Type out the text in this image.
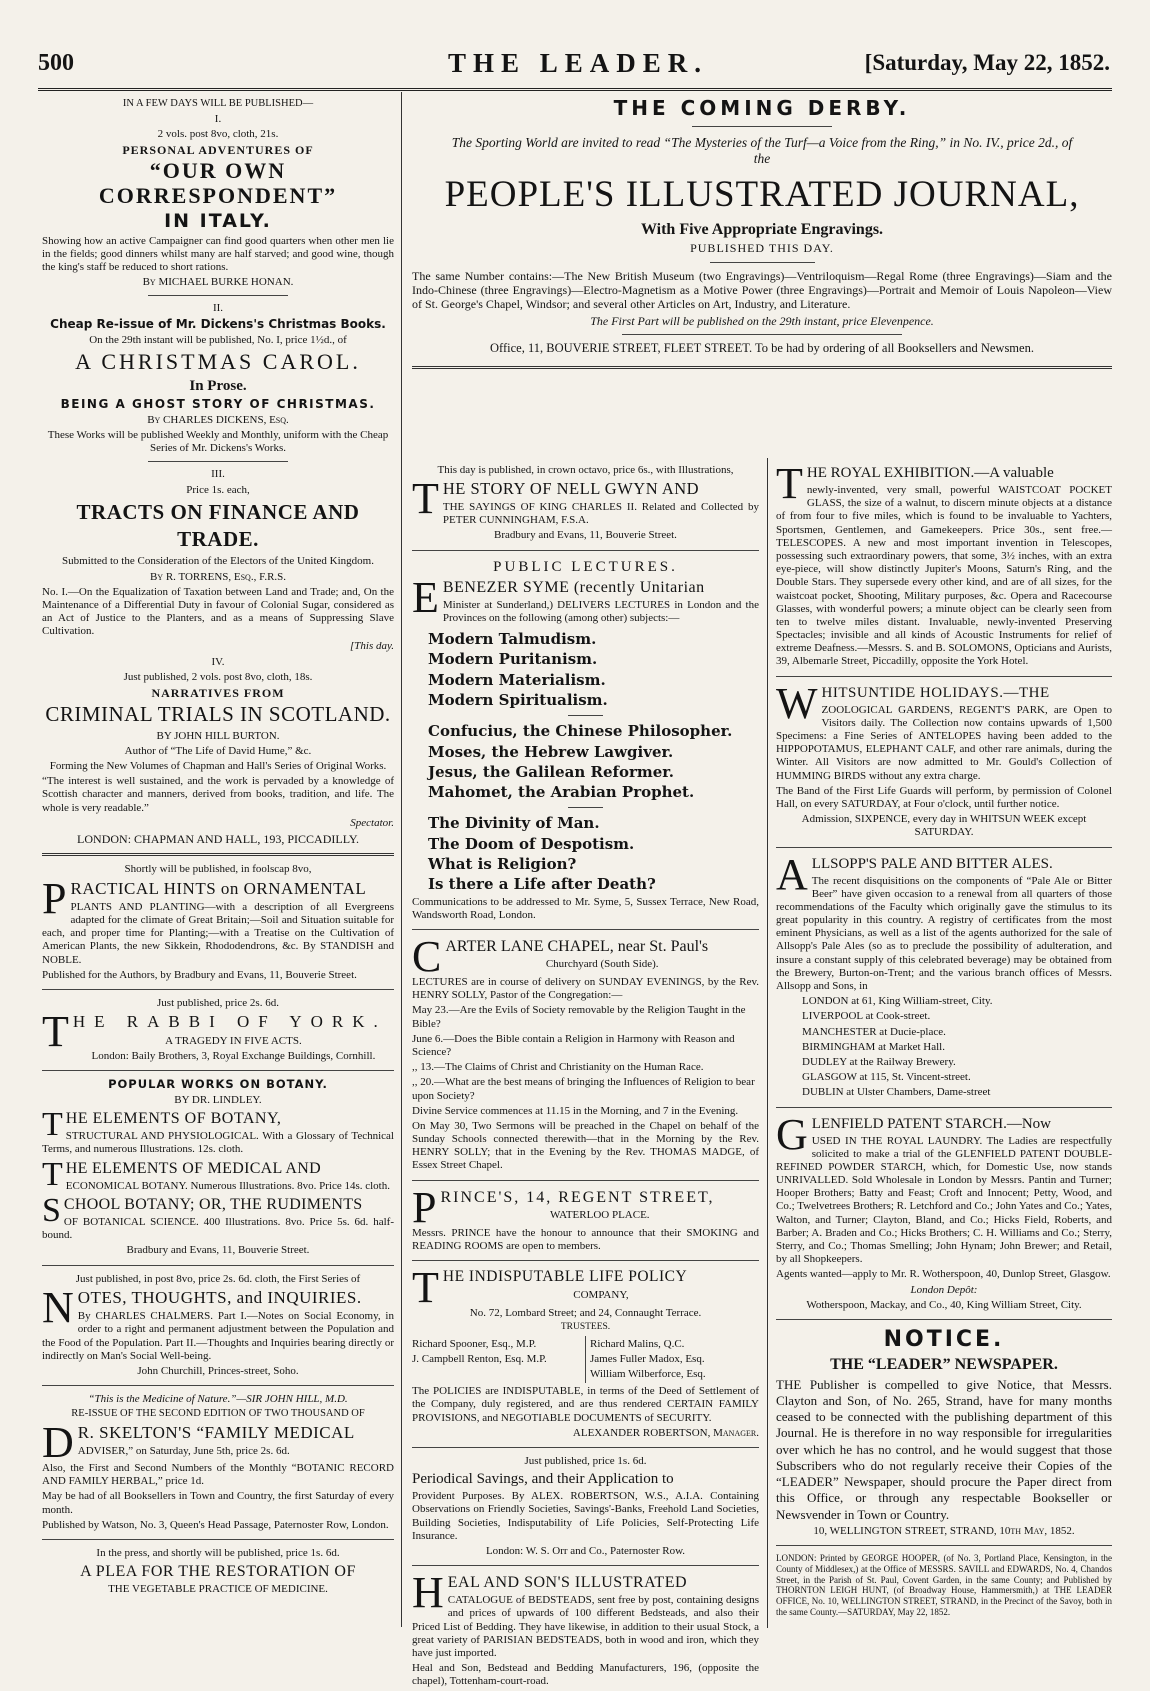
500	THE LEADER.	[Saturday, May 22, 1852.

IN A FEW DAYS WILL BE PUBLISHED—

I.

2 vols. post 8vo, cloth, 21s.

PERSONAL ADVENTURES OF

“OUR OWN CORRESPONDENT”

IN ITALY.

Showing how an active Campaigner can find good quarters when other men lie in the fields; good dinners whilst many are half starved; and good wine, though the king's staff be reduced to short rations.

By MICHAEL BURKE HONAN.

II.

Cheap Re-issue of Mr. Dickens's Christmas Books.

On the 29th instant will be published, No. I, price 1½d., of

A CHRISTMAS CAROL.

In Prose.

BEING A GHOST STORY OF CHRISTMAS.

By CHARLES DICKENS, Esq.

These Works will be published Weekly and Monthly, uniform with the Cheap Series of Mr. Dickens's Works.

III.

Price 1s. each,

TRACTS ON FINANCE AND TRADE.

Submitted to the Consideration of the Electors of the United Kingdom.

By R. TORRENS, Esq., F.R.S.

No. I.—On the Equalization of Taxation between Land and Trade; and, On the Maintenance of a Differential Duty in favour of Colonial Sugar, considered as an Act of Justice to the Planters, and as a means of Suppressing Slave Cultivation.

[This day.

IV.

Just published, 2 vols. post 8vo, cloth, 18s.

NARRATIVES FROM

CRIMINAL TRIALS IN SCOTLAND.

BY JOHN HILL BURTON.

Author of “The Life of David Hume,” &c.

Forming the New Volumes of Chapman and Hall's Series of Original Works.

“The interest is well sustained, and the work is pervaded by a knowledge of Scottish character and manners, derived from books, tradition, and life. The whole is very readable.”

Spectator.

LONDON: CHAPMAN AND HALL, 193, PICCADILLY.

Shortly will be published, in foolscap 8vo,

P RACTICAL HINTS on ORNAMENTAL

PLANTS AND PLANTING—with a description of all Evergreens adapted for the climate of Great Britain;—Soil and Situation suitable for each, and proper time for Planting;—with a Treatise on the Cultivation of American Plants, the new Sikkein, Rhododendrons, &c. By STANDISH and NOBLE.

Published for the Authors, by Bradbury and Evans, 11, Bouverie Street.

Just published, price 2s. 6d.

T HE RABBI OF YORK.

A TRAGEDY IN FIVE ACTS.

London: Baily Brothers, 3, Royal Exchange Buildings, Cornhill.

POPULAR WORKS ON BOTANY.

BY DR. LINDLEY.

T HE ELEMENTS OF BOTANY,

STRUCTURAL AND PHYSIOLOGICAL. With a Glossary of Technical Terms, and numerous Illustrations. 12s. cloth.

T HE ELEMENTS OF MEDICAL AND

ECONOMICAL BOTANY. Numerous Illustrations. 8vo. Price 14s. cloth.

S CHOOL BOTANY; OR, THE RUDIMENTS

OF BOTANICAL SCIENCE. 400 Illustrations. 8vo. Price 5s. 6d. half-bound.

Bradbury and Evans, 11, Bouverie Street.

Just published, in post 8vo, price 2s. 6d. cloth, the First Series of

N OTES, THOUGHTS, and INQUIRIES.

By CHARLES CHALMERS. Part I.—Notes on Social Economy, in order to a right and permanent adjustment between the Population and the Food of the Population. Part II.—Thoughts and Inquiries bearing directly or indirectly on Man's Social Well-being.

John Churchill, Princes-street, Soho.

“This is the Medicine of Nature.”—SIR JOHN HILL, M.D.

RE-ISSUE OF THE SECOND EDITION OF TWO THOUSAND OF

D R. SKELTON'S “FAMILY MEDICAL

ADVISER,” on Saturday, June 5th, price 2s. 6d.

Also, the First and Second Numbers of the Monthly “BOTANIC RECORD AND FAMILY HERBAL,” price 1d.

May be had of all Booksellers in Town and Country, the first Saturday of every month.

Published by Watson, No. 3, Queen's Head Passage, Paternoster Row, London.

In the press, and shortly will be published, price 1s. 6d.

A PLEA FOR THE RESTORATION OF

THE VEGETABLE PRACTICE OF MEDICINE.

THE COMING DERBY.

The Sporting World are invited to read “The Mysteries of the Turf—a Voice from the Ring,” in No. IV., price 2d., of the

PEOPLE'S ILLUSTRATED JOURNAL,

With Five Appropriate Engravings.

PUBLISHED THIS DAY.

The same Number contains:—The New British Museum (two Engravings)—Ventriloquism—Regal Rome (three Engravings)—Siam and the Indo-Chinese (three Engravings)—Electro-Magnetism as a Motive Power (three Engravings)—Portrait and Memoir of Louis Napoleon—View of St. George's Chapel, Windsor; and several other Articles on Art, Industry, and Literature.

The First Part will be published on the 29th instant, price Elevenpence.

Office, 11, BOUVERIE STREET, FLEET STREET. To be had by ordering of all Booksellers and Newsmen.

This day is published, in crown octavo, price 6s., with Illustrations,

T HE STORY OF NELL GWYN AND

THE SAYINGS OF KING CHARLES II. Related and Collected by PETER CUNNINGHAM, F.S.A.

Bradbury and Evans, 11, Bouverie Street.

PUBLIC LECTURES.

E BENEZER SYME (recently Unitarian

Minister at Sunderland,) DELIVERS LECTURES in London and the Provinces on the following (among other) subjects:—

Modern Talmudism.

Modern Puritanism.

Modern Materialism.

Modern Spiritualism.

Confucius, the Chinese Philosopher.

Moses, the Hebrew Lawgiver.

Jesus, the Galilean Reformer.

Mahomet, the Arabian Prophet.

The Divinity of Man.

The Doom of Despotism.

What is Religion?

Is there a Life after Death?

Communications to be addressed to Mr. Syme, 5, Sussex Terrace, New Road, Wandsworth Road, London.

C ARTER LANE CHAPEL, near St. Paul's

Churchyard (South Side).

LECTURES are in course of delivery on SUNDAY EVENINGS, by the Rev. HENRY SOLLY, Pastor of the Congregation:—

May 23.—Are the Evils of Society removable by the Religion Taught in the Bible?

June 6.—Does the Bible contain a Religion in Harmony with Reason and Science?

,, 13.—The Claims of Christ and Christianity on the Human Race.

,, 20.—What are the best means of bringing the Influences of Religion to bear upon Society?

Divine Service commences at 11.15 in the Morning, and 7 in the Evening.

On May 30, Two Sermons will be preached in the Chapel on behalf of the Sunday Schools connected therewith—that in the Morning by the Rev. HENRY SOLLY; that in the Evening by the Rev. THOMAS MADGE, of Essex Street Chapel.

P RINCE'S, 14, REGENT STREET,

WATERLOO PLACE.

Messrs. PRINCE have the honour to announce that their SMOKING and READING ROOMS are open to members.

T HE INDISPUTABLE LIFE POLICY

COMPANY,

No. 72, Lombard Street; and 24, Connaught Terrace.

TRUSTEES.

Richard Spooner, Esq., M.P.

J. Campbell Renton, Esq. M.P.

Richard Malins, Q.C.

James Fuller Madox, Esq.

William Wilberforce, Esq.

The POLICIES are INDISPUTABLE, in terms of the Deed of Settlement of the Company, duly registered, and are thus rendered CERTAIN FAMILY PROVISIONS, and NEGOTIABLE DOCUMENTS of SECURITY.

ALEXANDER ROBERTSON, Manager.

Just published, price 1s. 6d.

Periodical Savings, and their Application to

Provident Purposes. By ALEX. ROBERTSON, W.S., A.I.A. Containing Observations on Friendly Societies, Savings'-Banks, Freehold Land Societies, Building Societies, Indisputability of Life Policies, Self-Protecting Life Insurance.

London: W. S. Orr and Co., Paternoster Row.

H EAL AND SON'S ILLUSTRATED

CATALOGUE of BEDSTEADS, sent free by post, containing designs and prices of upwards of 100 different Bedsteads, and also their Priced List of Bedding. They have likewise, in addition to their usual Stock, a great variety of PARISIAN BEDSTEADS, both in wood and iron, which they have just imported.

Heal and Son, Bedstead and Bedding Manufacturers, 196, (opposite the chapel), Tottenham-court-road.

T HE ROYAL EXHIBITION.—A valuable

newly-invented, very small, powerful WAISTCOAT POCKET GLASS, the size of a walnut, to discern minute objects at a distance of from four to five miles, which is found to be invaluable to Yachters, Sportsmen, Gentlemen, and Gamekeepers. Price 30s., sent free.—TELESCOPES. A new and most important invention in Telescopes, possessing such extraordinary powers, that some, 3½ inches, with an extra eye-piece, will show distinctly Jupiter's Moons, Saturn's Ring, and the Double Stars. They supersede every other kind, and are of all sizes, for the waistcoat pocket, Shooting, Military purposes, &c. Opera and Racecourse Glasses, with wonderful powers; a minute object can be clearly seen from ten to twelve miles distant. Invaluable, newly-invented Preserving Spectacles; invisible and all kinds of Acoustic Instruments for relief of extreme Deafness.—Messrs. S. and B. SOLOMONS, Opticians and Aurists, 39, Albemarle Street, Piccadilly, opposite the York Hotel.

W HITSUNTIDE HOLIDAYS.—THE

ZOOLOGICAL GARDENS, REGENT'S PARK, are Open to Visitors daily. The Collection now contains upwards of 1,500 Specimens: a Fine Series of ANTELOPES having been added to the HIPPOPOTAMUS, ELEPHANT CALF, and other rare animals, during the Winter. All Visitors are now admitted to Mr. Gould's Collection of HUMMING BIRDS without any extra charge.

The Band of the First Life Guards will perform, by permission of Colonel Hall, on every SATURDAY, at Four o'clock, until further notice.

Admission, SIXPENCE, every day in WHITSUN WEEK except SATURDAY.

A LLSOPP'S PALE AND BITTER ALES.

The recent disquisitions on the components of “Pale Ale or Bitter Beer” have given occasion to a renewal from all quarters of those recommendations of the Faculty which originally gave the stimulus to its great popularity in this country. A registry of certificates from the most eminent Physicians, as well as a list of the agents authorized for the sale of Allsopp's Pale Ales (so as to preclude the possibility of adulteration, and insure a constant supply of this celebrated beverage) may be obtained from the Brewery, Burton-on-Trent; and the various branch offices of Messrs. Allsopp and Sons, in

LONDON at 61, King William-street, City.

LIVERPOOL at Cook-street.

MANCHESTER at Ducie-place.

BIRMINGHAM at Market Hall.

DUDLEY at the Railway Brewery.

GLASGOW at 115, St. Vincent-street.

DUBLIN at Ulster Chambers, Dame-street

G LENFIELD PATENT STARCH.—Now

USED IN THE ROYAL LAUNDRY. The Ladies are respectfully solicited to make a trial of the GLENFIELD PATENT DOUBLE-REFINED POWDER STARCH, which, for Domestic Use, now stands UNRIVALLED. Sold Wholesale in London by Messrs. Pantin and Turner; Hooper Brothers; Batty and Feast; Croft and Innocent; Petty, Wood, and Co.; Twelvetrees Brothers; R. Letchford and Co.; John Yates and Co.; Yates, Walton, and Turner; Clayton, Bland, and Co.; Hicks Field, Roberts, and Barber; A. Braden and Co.; Hicks Brothers; C. H. Williams and Co.; Sterry, Sterry, and Co.; Thomas Smelling; John Hynam; John Brewer; and Retail, by all Shopkeepers.

Agents wanted—apply to Mr. R. Wotherspoon, 40, Dunlop Street, Glasgow.

London Depôt:

Wotherspoon, Mackay, and Co., 40, King William Street, City.

NOTICE.

THE “LEADER” NEWSPAPER.

THE Publisher is compelled to give Notice, that Messrs. Clayton and Son, of No. 265, Strand, have for many months ceased to be connected with the publishing department of this Journal. He is therefore in no way responsible for irregularities over which he has no control, and he would suggest that those Subscribers who do not regularly receive their Copies of the “LEADER” Newspaper, should procure the Paper direct from this Office, or through any respectable Bookseller or Newsvender in Town or Country.

10, WELLINGTON STREET, STRAND, 10th May, 1852.

LONDON: Printed by GEORGE HOOPER, (of No. 3, Portland Place, Kensington, in the County of Middlesex,) at the Office of MESSRS. SAVILL and EDWARDS, No. 4, Chandos Street, in the Parish of St. Paul, Covent Garden, in the same County; and Published by THORNTON LEIGH HUNT, (of Broadway House, Hammersmith,) at THE LEADER OFFICE, No. 10, WELLINGTON STREET, STRAND, in the Precinct of the Savoy, both in the same County.—SATURDAY, May 22, 1852.
